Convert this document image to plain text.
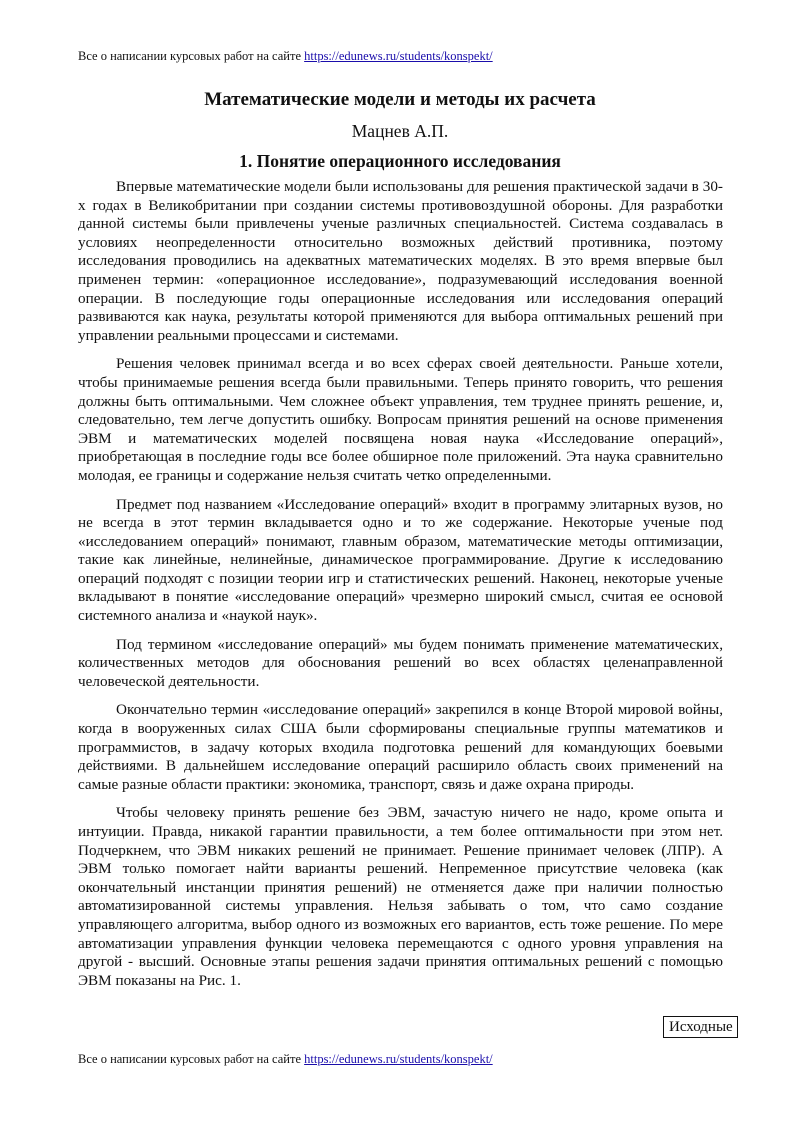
Все о написании курсовых работ на сайте https://edunews.ru/students/konspekt/
Математические модели и методы их расчета
Мацнев А.П.
1. Понятие операционного исследования

Впервые математические модели были использованы для решения практической задачи в 30-х годах в Великобритании при создании системы противовоздушной обороны. Для разработки данной системы были привлечены ученые различных специальностей. Система создавалась в условиях неопределенности относительно возможных действий противника, поэтому исследования проводились на адекватных математических моделях. В это время впервые был применен термин: «операционное исследование», подразумевающий исследования военной операции. В последующие годы операционные исследования или исследования операций развиваются как наука, результаты которой применяются для выбора оптимальных решений при управлении реальными процессами и системами.

Решения человек принимал всегда и во всех сферах своей деятельности. Раньше хотели, чтобы принимаемые решения всегда были правильными. Теперь принято говорить, что решения должны быть оптимальными. Чем сложнее объект управления, тем труднее принять решение, и, следовательно, тем легче допустить ошибку. Вопросам принятия решений на основе применения ЭВМ и математических моделей посвящена новая наука «Исследование операций», приобретающая в последние годы все более обширное поле приложений. Эта наука сравнительно молодая, ее границы и содержание нельзя считать четко определенными.

Предмет под названием «Исследование операций» входит в программу элитарных вузов, но не всегда в этот термин вкладывается одно и то же содержание. Некоторые ученые под «исследованием операций» понимают, главным образом, математические методы оптимизации, такие как линейные, нелинейные, динамическое программирование. Другие к исследованию операций подходят с позиции теории игр и статистических решений. Наконец, некоторые ученые вкладывают в понятие «исследование операций» чрезмерно широкий смысл, считая ее основой системного анализа и «наукой наук».

Под термином «исследование операций» мы будем понимать применение математических, количественных методов для обоснования решений во всех областях целенаправленной человеческой деятельности.

Окончательно термин «исследование операций» закрепился в конце Второй мировой войны, когда в вооруженных силах США были сформированы специальные группы математиков и программистов, в задачу которых входила подготовка решений для командующих боевыми действиями. В дальнейшем исследование операций расширило область своих применений на самые разные области практики: экономика, транспорт, связь и даже охрана природы.

Чтобы человеку принять решение без ЭВМ, зачастую ничего не надо, кроме опыта и интуиции. Правда, никакой гарантии правильности, а тем более оптимальности при этом нет. Подчеркнем, что ЭВМ никаких решений не принимает. Решение принимает человек (ЛПР). А ЭВМ только помогает найти варианты решений. Непременное присутствие человека (как окончательный инстанции принятия решений) не отменяется даже при наличии полностью автоматизированной системы управления. Нельзя забывать о том, что само создание управляющего алгоритма, выбор одного из возможных его вариантов, есть тоже решение. По мере автоматизации управления функции человека перемещаются с одного уровня управления на другой - высший. Основные этапы решения задачи принятия оптимальных решений с помощью ЭВМ показаны на Рис. 1.

Исходные
Все о написании курсовых работ на сайте https://edunews.ru/students/konspekt/
